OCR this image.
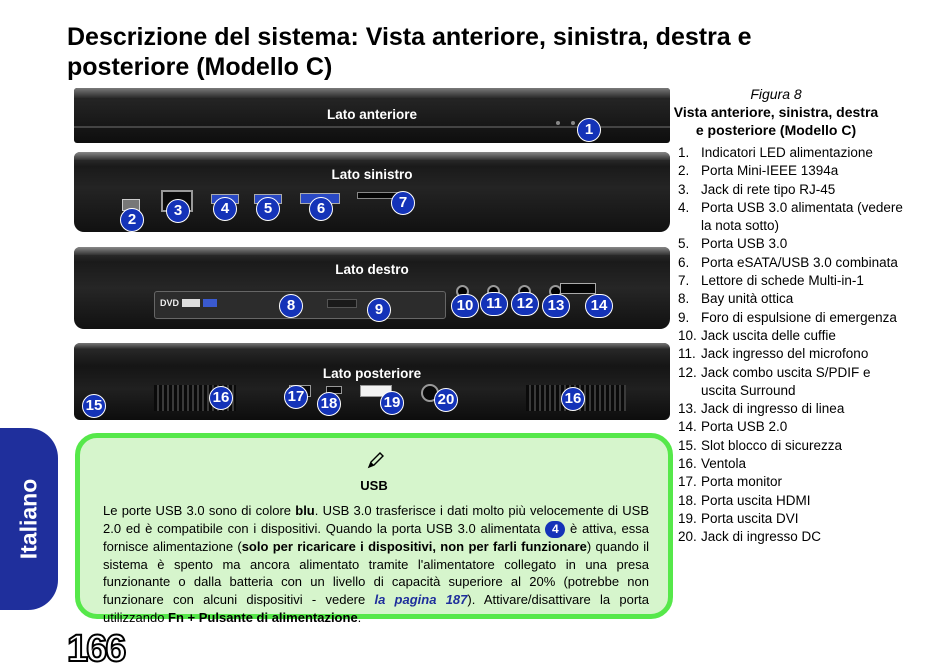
Descrizione del sistema: Vista anteriore, sinistra, destra e posteriore (Modello C)
Italiano
166
Lato anteriore
1
Lato sinistro
2
3	4	5	6	7
Lato destro
DVD	8	9	10 11 12 13	14
Lato posteriore
15	16	16
17 18	19 20
Figura 8
Vista anteriore, sinistra, destra e posteriore (Modello C)
1. Indicatori LED alimentazione
2. Porta Mini-IEEE 1394a
3. Jack di rete tipo RJ-45
4. Porta USB 3.0 alimentata (vedere la nota sotto)
5. Porta USB 3.0
6. Porta eSATA/USB 3.0 combinata
7. Lettore di schede Multi-in-1
8. Bay unità ottica
9. Foro di espulsione di emergenza
10. Jack uscita delle cuffie
11. Jack ingresso del microfono
12. Jack combo uscita S/PDIF e uscita Surround
13. Jack di ingresso di linea
14. Porta USB 2.0
15. Slot blocco di sicurezza
16. Ventola
17. Porta monitor
18. Porta uscita HDMI
19. Porta uscita DVI
20. Jack di ingresso DC
USB
Le porte USB 3.0 sono di colore blu. USB 3.0 trasferisce i dati molto più velocemente di USB 2.0 ed è compatibile con i dispositivi. Quando la porta USB 3.0 alimentata 4 è attiva, essa fornisce alimentazione (solo per ricaricare i dispositivi, non per farli funzionare) quando il sistema è spento ma ancora alimentato tramite l'alimentatore collegato in una presa funzionante o dalla batteria con un livello di capacità superiore al 20% (potrebbe non funzionare con alcuni dispositivi - vedere la pagina 187). Attivare/disattivare la porta utilizzando Fn + Pulsante di alimentazione.
